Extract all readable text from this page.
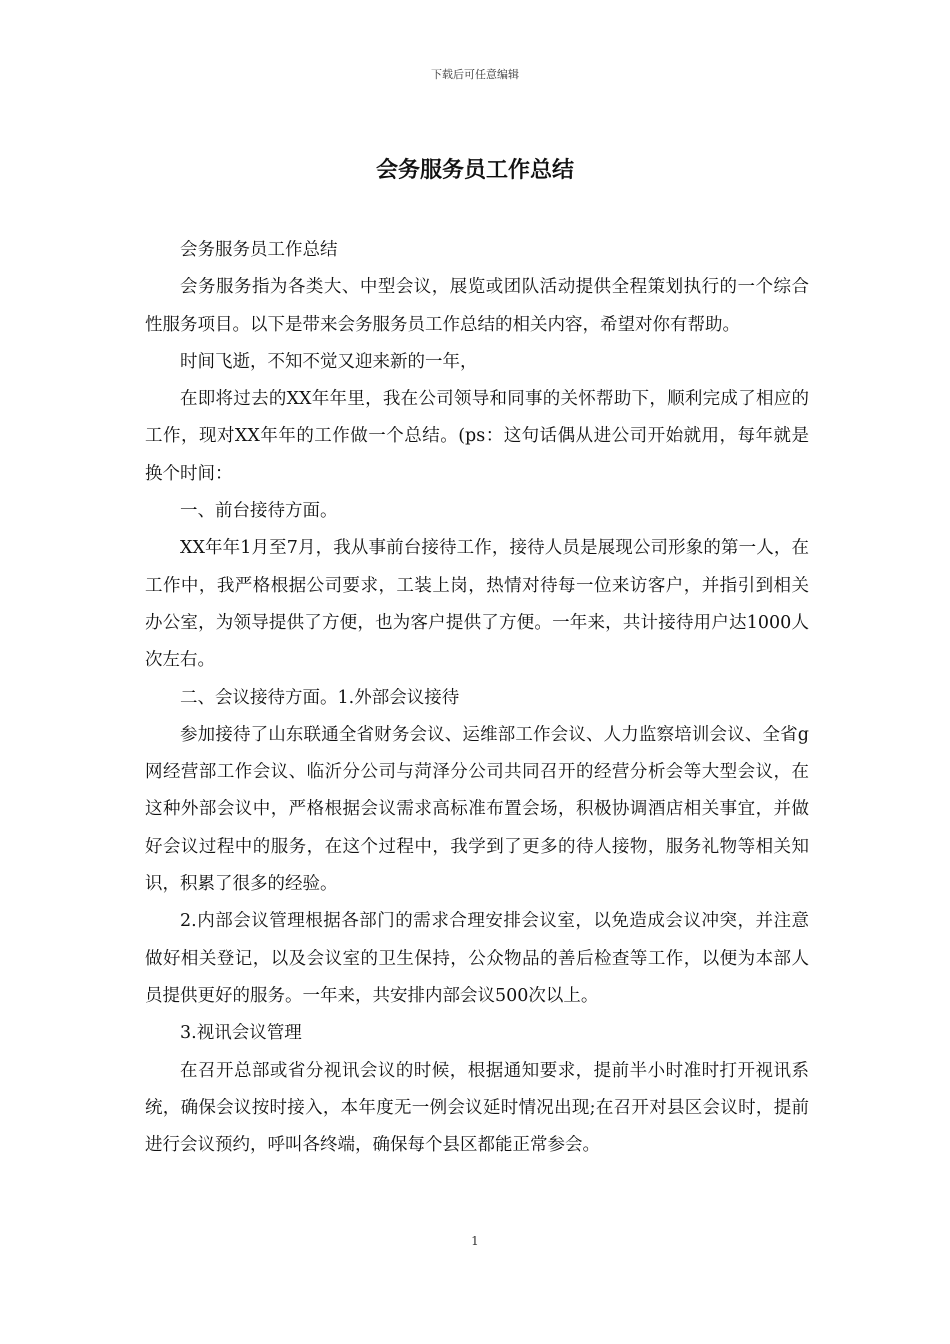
下载后可任意编辑
会务服务员工作总结

会务服务员工作总结

会务服务指为各类大、中型会议，展览或团队活动提供全程策划执行的一个综合性服务项目。以下是带来会务服务员工作总结的相关内容，希望对你有帮助。

时间飞逝，不知不觉又迎来新的一年，

在即将过去的XX年年里，我在公司领导和同事的关怀帮助下，顺利完成了相应的工作，现对XX年年的工作做一个总结。(ps：这句话偶从进公司开始就用，每年就是换个时间：

一、前台接待方面。

XX年年1月至7月，我从事前台接待工作，接待人员是展现公司形象的第一人，在工作中，我严格根据公司要求，工装上岗，热情对待每一位来访客户，并指引到相关办公室，为领导提供了方便，也为客户提供了方便。一年来，共计接待用户达1000人次左右。

二、会议接待方面。1.外部会议接待

参加接待了山东联通全省财务会议、运维部工作会议、人力监察培训会议、全省g网经营部工作会议、临沂分公司与菏泽分公司共同召开的经营分析会等大型会议，在这种外部会议中，严格根据会议需求高标准布置会场，积极协调酒店相关事宜，并做好会议过程中的服务，在这个过程中，我学到了更多的待人接物，服务礼物等相关知识，积累了很多的经验。

2.内部会议管理根据各部门的需求合理安排会议室，以免造成会议冲突，并注意做好相关登记，以及会议室的卫生保持，公众物品的善后检查等工作，以便为本部人员提供更好的服务。一年来，共安排内部会议500次以上。

3.视讯会议管理

在召开总部或省分视讯会议的时候，根据通知要求，提前半小时准时打开视讯系统，确保会议按时接入，本年度无一例会议延时情况出现;在召开对县区会议时，提前进行会议预约，呼叫各终端，确保每个县区都能正常参会。

1
